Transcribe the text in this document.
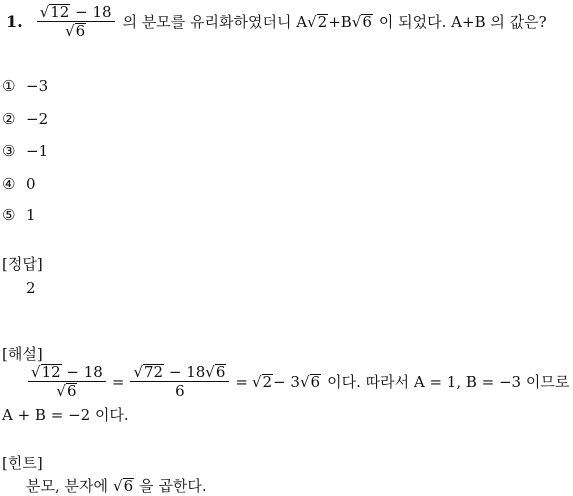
1. $\frac{√ 12 - 18}{√ 6}$ 의 분모를 유리화하였더니 A √ 2 +B √ 6 이 되었다. A+B 의 값은?
① −3
② −2
③ −1
④ 0
⑤ 1
[정답]
2
[해설]
$\frac{√ 12 - 18}{√ 6} = \frac{√ 72 - 18 √ 6}{6}$ = √ 2 − 3 √ 6 이다. 따라서 A = 1, B = −3 이므로
A + B = −2 이다.
[힌트]
분모, 분자에 √ 6 을 곱한다.
